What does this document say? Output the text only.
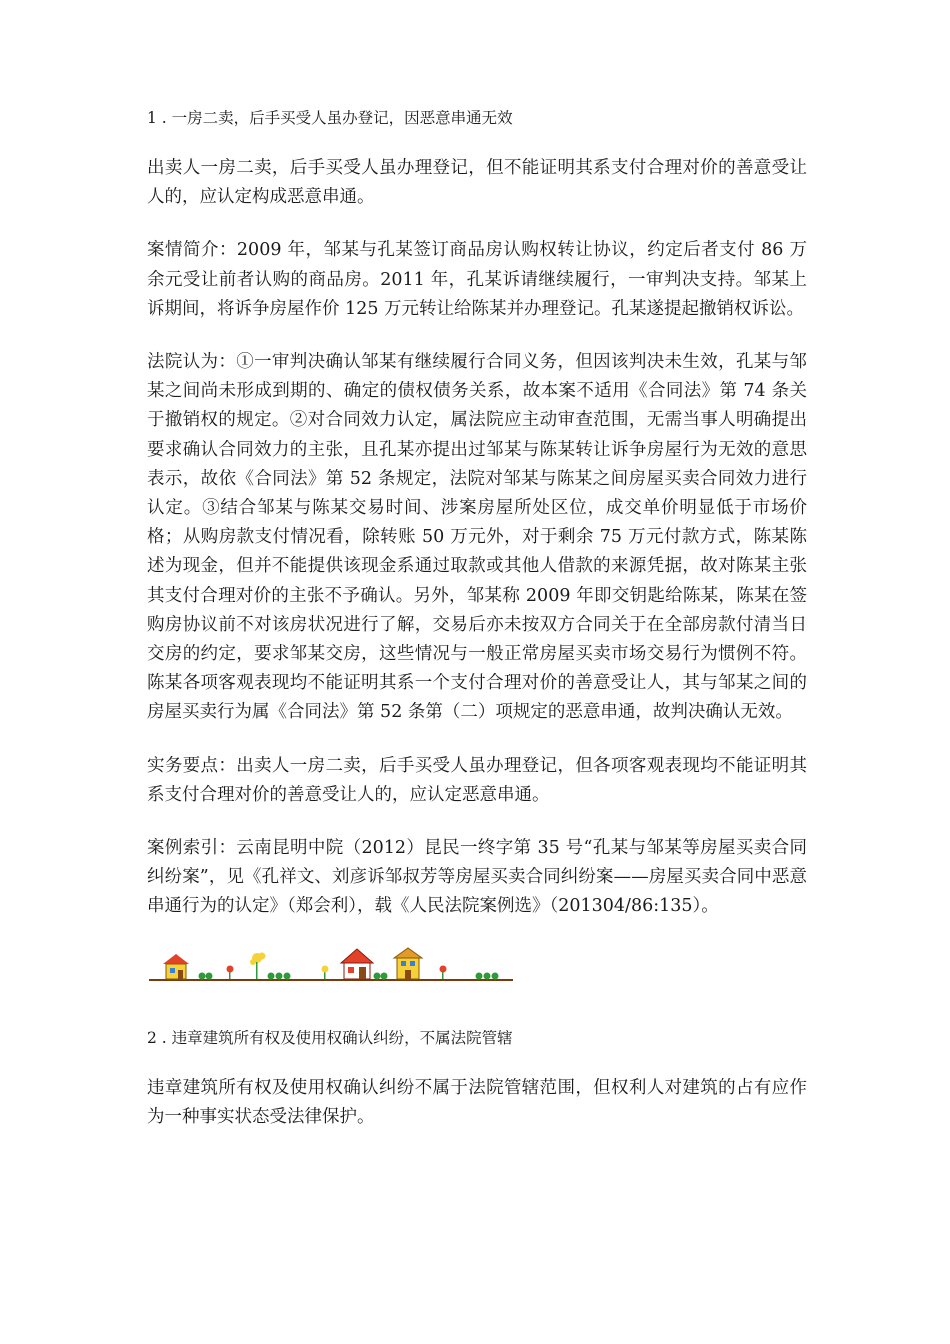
1 . 一房二卖，后手买受人虽办登记，因恶意串通无效

出卖人一房二卖，后手买受人虽办理登记，但不能证明其系支付合理对价的善意受让人的，应认定构成恶意串通。

案情简介：2009 年，邹某与孔某签订商品房认购权转让协议，约定后者支付 86 万余元受让前者认购的商品房。2011 年，孔某诉请继续履行，一审判决支持。邹某上诉期间，将诉争房屋作价 125 万元转让给陈某并办理登记。孔某遂提起撤销权诉讼。

法院认为：①一审判决确认邹某有继续履行合同义务，但因该判决未生效，孔某与邹某之间尚未形成到期的、确定的债权债务关系，故本案不适用《合同法》第 74 条关于撤销权的规定。②对合同效力认定，属法院应主动审查范围，无需当事人明确提出要求确认合同效力的主张，且孔某亦提出过邹某与陈某转让诉争房屋行为无效的意思表示，故依《合同法》第 52 条规定，法院对邹某与陈某之间房屋买卖合同效力进行认定。③结合邹某与陈某交易时间、涉案房屋所处区位，成交单价明显低于市场价格；从购房款支付情况看，除转账 50 万元外，对于剩余 75 万元付款方式，陈某陈述为现金，但并不能提供该现金系通过取款或其他人借款的来源凭据，故对陈某主张其支付合理对价的主张不予确认。另外，邹某称 2009 年即交钥匙给陈某，陈某在签购房协议前不对该房状况进行了解，交易后亦未按双方合同关于在全部房款付清当日交房的约定，要求邹某交房，这些情况与一般正常房屋买卖市场交易行为惯例不符。陈某各项客观表现均不能证明其系一个支付合理对价的善意受让人，其与邹某之间的房屋买卖行为属《合同法》第 52 条第（二）项规定的恶意串通，故判决确认无效。

实务要点：出卖人一房二卖，后手买受人虽办理登记，但各项客观表现均不能证明其系支付合理对价的善意受让人的，应认定恶意串通。

案例索引：云南昆明中院（2012）昆民一终字第 35 号“孔某与邹某等房屋买卖合同纠纷案”，见《孔祥文、刘彦诉邹叔芳等房屋买卖合同纠纷案——房屋买卖合同中恶意串通行为的认定》（郑会利），载《人民法院案例选》（201304/86:135）。

2 . 违章建筑所有权及使用权确认纠纷，不属法院管辖

违章建筑所有权及使用权确认纠纷不属于法院管辖范围，但权利人对建筑的占有应作为一种事实状态受法律保护。
